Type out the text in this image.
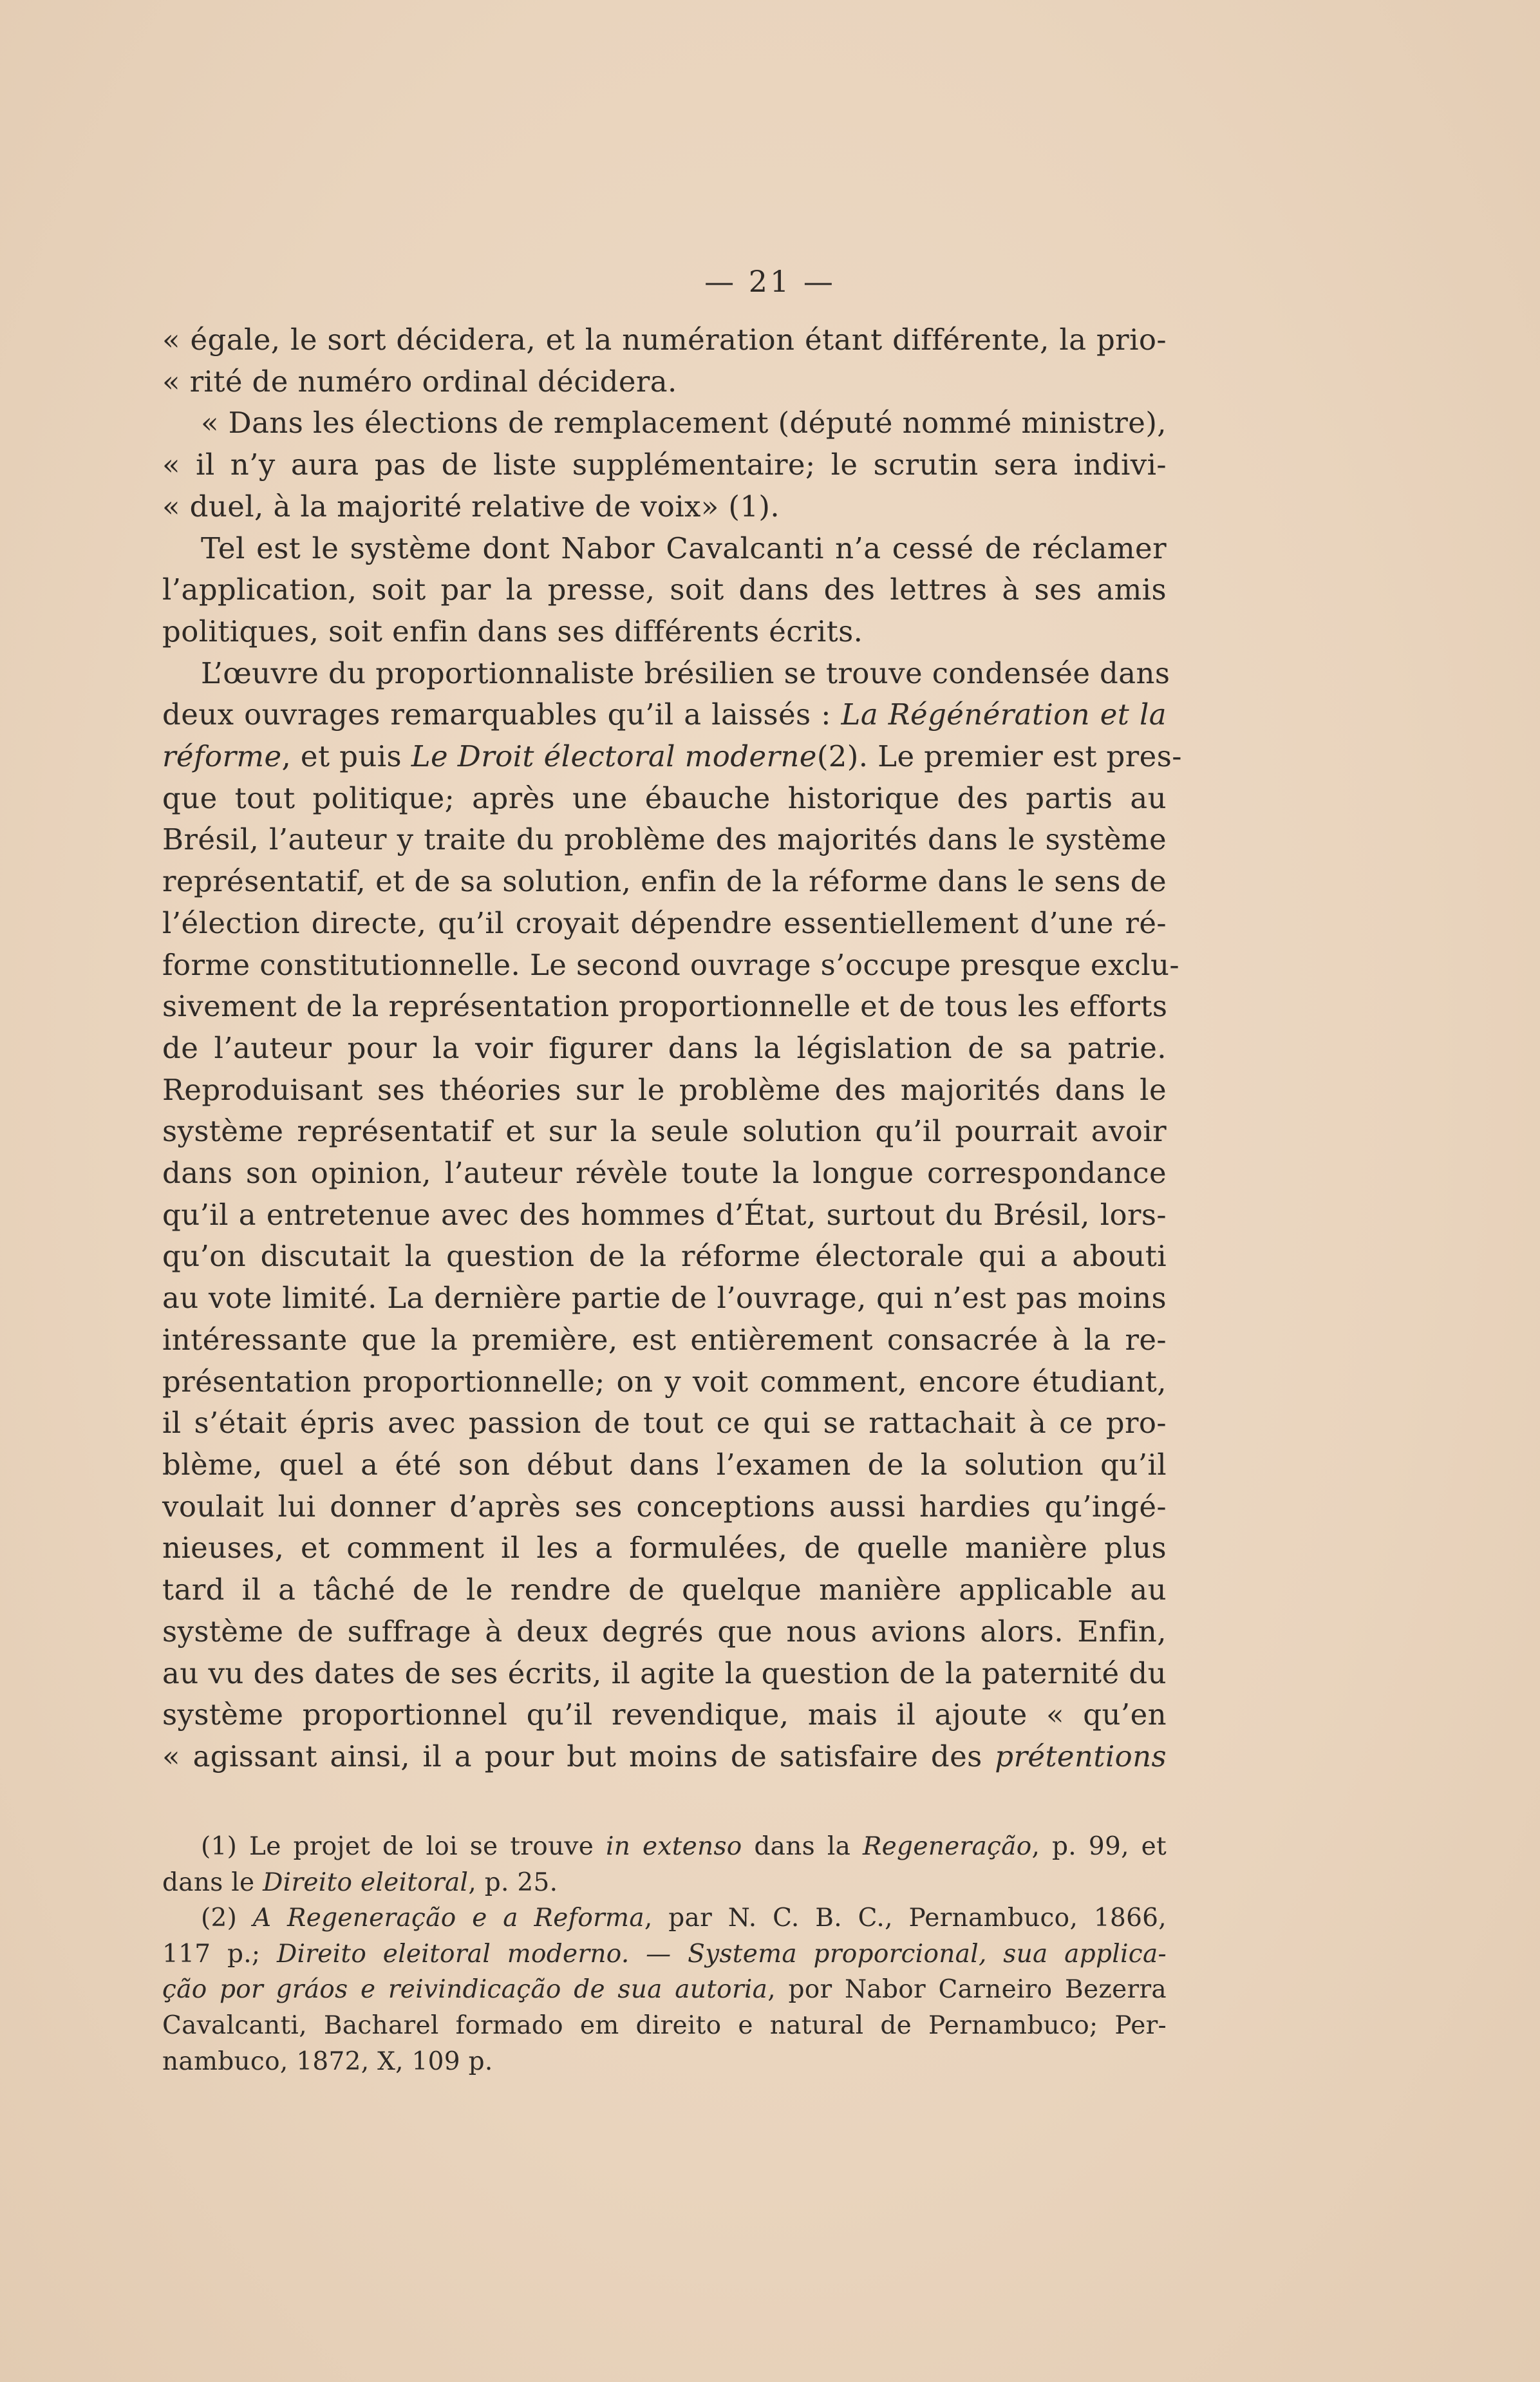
— 21 —
« égale, le sort décidera, et la numération étant différente, la prio-
« rité de numéro ordinal décidera.
« Dans les élections de remplacement (député nommé ministre),
« il n’y aura pas de liste supplémentaire; le scrutin sera indivi-
« duel, à la majorité relative de voix» (1).
Tel est le système dont Nabor Cavalcanti n’a cessé de réclamer
l’application, soit par la presse, soit dans des lettres à ses amis
politiques, soit enfin dans ses différents écrits.
L’œuvre du proportionnaliste brésilien se trouve condensée dans
deux ouvrages remarquables qu’il a laissés : La Régénération et la
réforme, et puis Le Droit électoral moderne(2). Le premier est pres-
que tout politique; après une ébauche historique des partis au
Brésil, l’auteur y traite du problème des majorités dans le système
représentatif, et de sa solution, enfin de la réforme dans le sens de
l’élection directe, qu’il croyait dépendre essentiellement d’une ré-
forme constitutionnelle. Le second ouvrage s’occupe presque exclu-
sivement de la représentation proportionnelle et de tous les efforts
de l’auteur pour la voir figurer dans la législation de sa patrie.
Reproduisant ses théories sur le problème des majorités dans le
système représentatif et sur la seule solution qu’il pourrait avoir
dans son opinion, l’auteur révèle toute la longue correspondance
qu’il a entretenue avec des hommes d’État, surtout du Brésil, lors-
qu’on discutait la question de la réforme électorale qui a abouti
au vote limité. La dernière partie de l’ouvrage, qui n’est pas moins
intéressante que la première, est entièrement consacrée à la re-
présentation proportionnelle; on y voit comment, encore étudiant,
il s’était épris avec passion de tout ce qui se rattachait à ce pro-
blème, quel a été son début dans l’examen de la solution qu’il
voulait lui donner d’après ses conceptions aussi hardies qu’ingé-
nieuses, et comment il les a formulées, de quelle manière plus
tard il a tâché de le rendre de quelque manière applicable au
système de suffrage à deux degrés que nous avions alors. Enfin,
au vu des dates de ses écrits, il agite la question de la paternité du
système proportionnel qu’il revendique, mais il ajoute « qu’en
« agissant ainsi, il a pour but moins de satisfaire des prétentions
(1) Le projet de loi se trouve in extenso dans la Regeneração, p. 99, et
dans le Direito eleitoral, p. 25.
(2) A Regeneração e a Reforma, par N. C. B. C., Pernambuco, 1866,
117 p.; Direito eleitoral moderno. — Systema proporcional, sua applica-
ção por gráos e reivindicação de sua autoria, por Nabor Carneiro Bezerra
Cavalcanti, Bacharel formado em direito e natural de Pernambuco; Per-
nambuco, 1872, X, 109 p.
